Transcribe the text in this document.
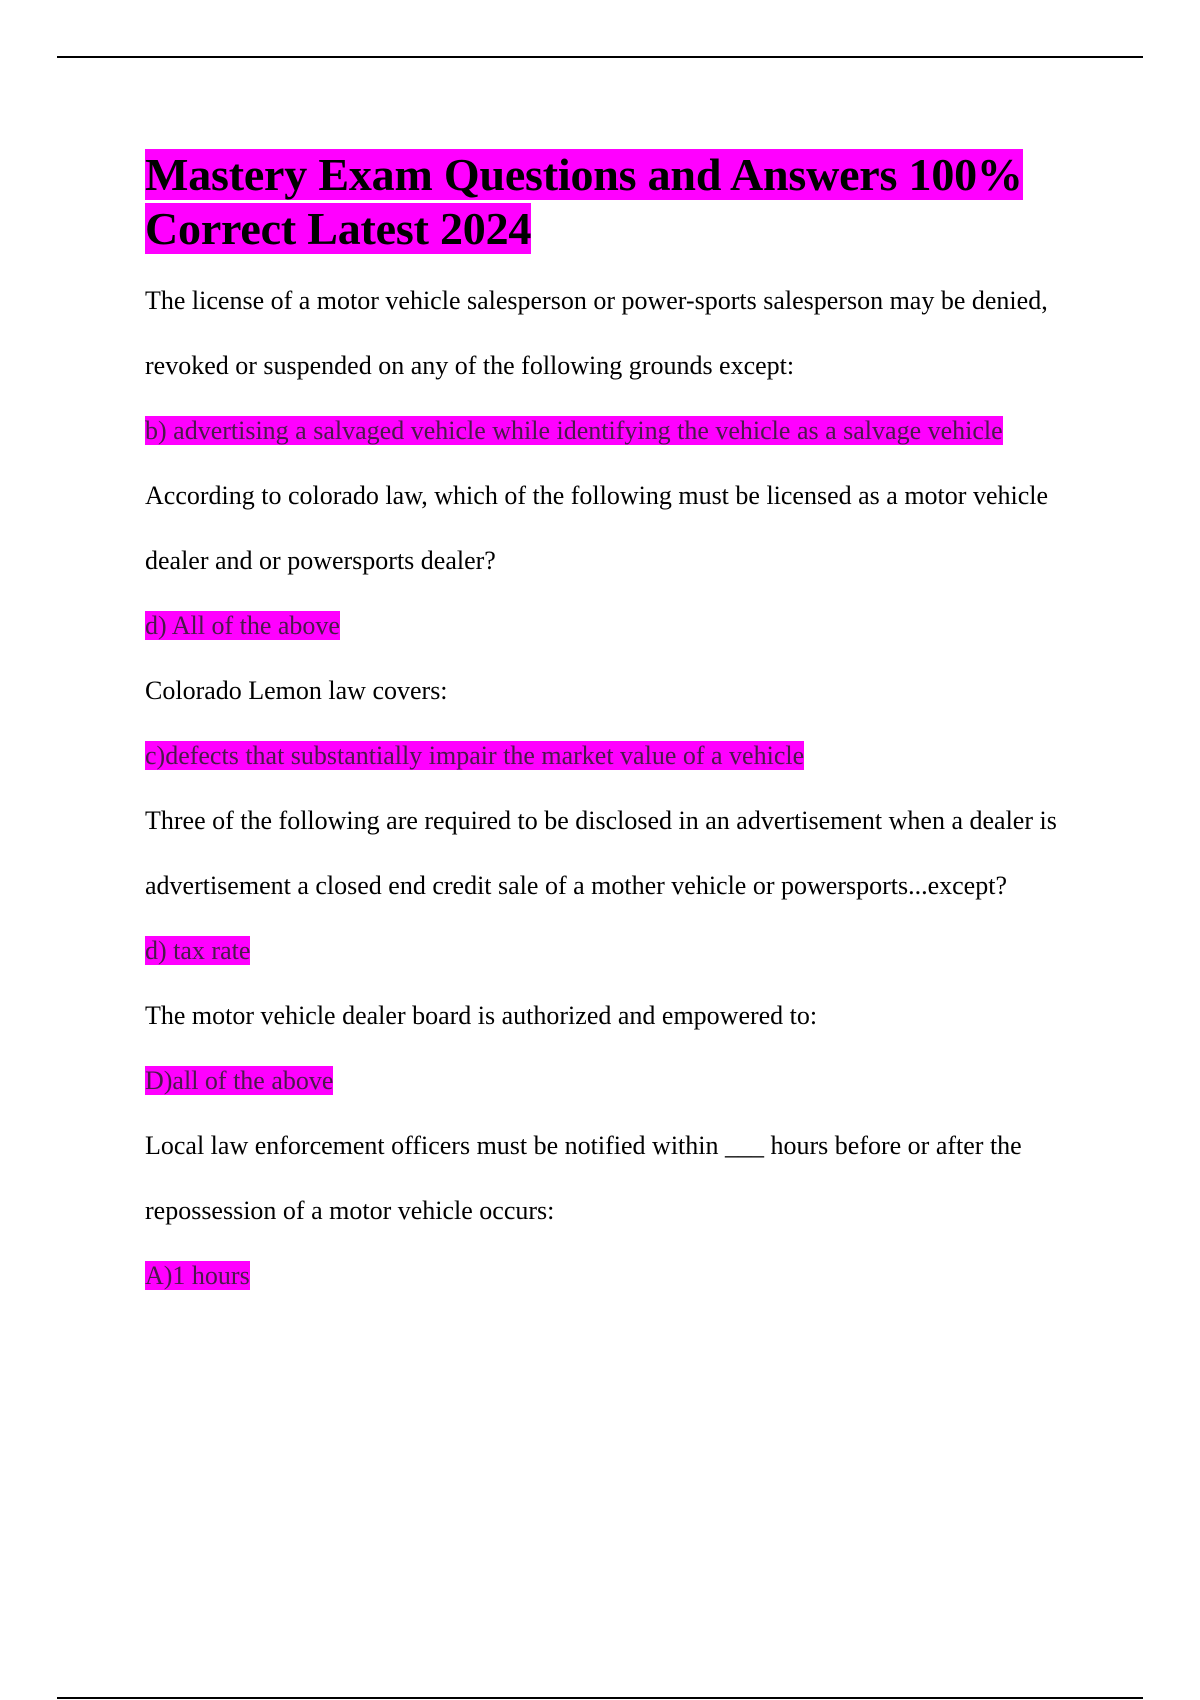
Mastery Exam Questions and Answers 100% Correct Latest 2024

The license of a motor vehicle salesperson or power-sports salesperson may be denied, revoked or suspended on any of the following grounds except:

b) advertising a salvaged vehicle while identifying the vehicle as a salvage vehicle

According to colorado law, which of the following must be licensed as a motor vehicle dealer and or powersports dealer?

d) All of the above

Colorado Lemon law covers:

c)defects that substantially impair the market value of a vehicle

Three of the following are required to be disclosed in an advertisement when a dealer is advertisement a closed end credit sale of a mother vehicle or powersports...except?

d) tax rate

The motor vehicle dealer board is authorized and empowered to:

D)all of the above

Local law enforcement officers must be notified within ___ hours before or after the repossession of a motor vehicle occurs:

A)1 hours
